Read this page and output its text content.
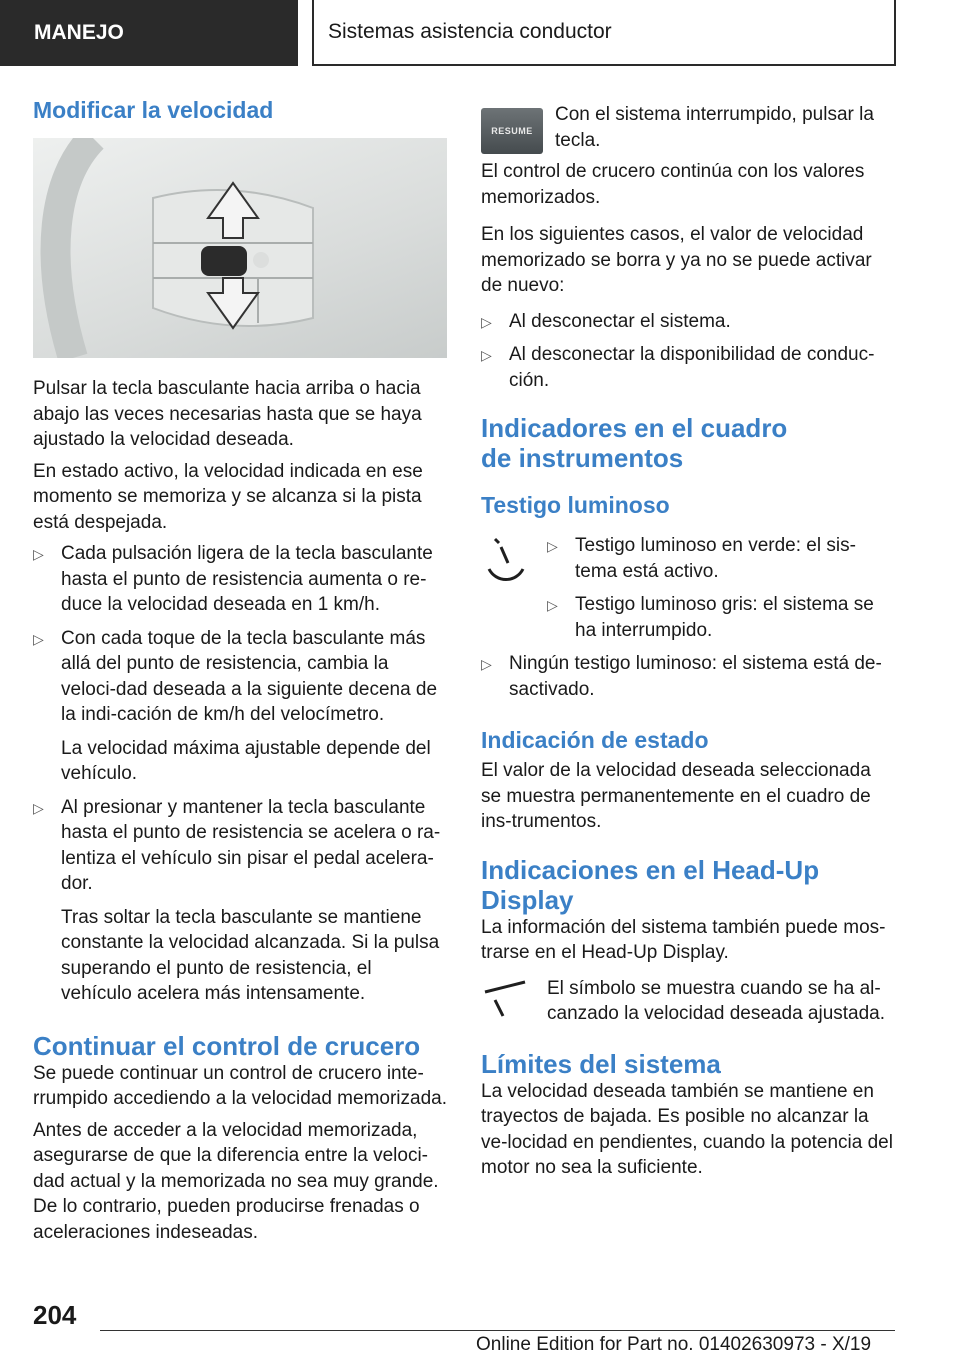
MANEJO	Sistemas asistencia conductor
Modificar la velocidad

Pulsar la tecla basculante hacia arriba o hacia abajo las veces necesarias hasta que se haya ajustado la velocidad deseada.

En estado activo, la velocidad indicada en ese momento se memoriza y se alcanza si la pista está despejada.

▷ Cada pulsación ligera de la tecla basculante hasta el punto de resistencia aumenta o re‐duce la velocidad deseada en 1 km/h.
▷ Con cada toque de la tecla basculante más allá del punto de resistencia, cambia la veloci‐dad deseada a la siguiente decena de la indi‐cación de km/h del velocímetro.
La velocidad máxima ajustable depende del vehículo.
▷ Al presionar y mantener la tecla basculante hasta el punto de resistencia se acelera o ra‐lentiza el vehículo sin pisar el pedal acelera‐dor.
Tras soltar la tecla basculante se mantiene constante la velocidad alcanzada. Si la pulsa superando el punto de resistencia, el vehículo acelera más intensamente.
Continuar el control de crucero

Se puede continuar un control de crucero inte‐rrumpido accediendo a la velocidad memorizada.

Antes de acceder a la velocidad memorizada, asegurarse de que la diferencia entre la veloci‐dad actual y la memorizada no sea muy grande. De lo contrario, pueden producirse frenadas o aceleraciones indeseadas.

RESUME

Con el sistema interrumpido, pulsar la tecla.

El control de crucero continúa con los valores memorizados.

En los siguientes casos, el valor de velocidad memorizado se borra y ya no se puede activar de nuevo:

▷ Al desconectar el sistema.
▷ Al desconectar la disponibilidad de conduc‐ción.
Indicadores en el cuadro de instrumentos
Testigo luminoso
▷ Testigo luminoso en verde: el sis‐tema está activo.
▷ Testigo luminoso gris: el sistema se ha interrumpido.
▷ Ningún testigo luminoso: el sistema está de‐sactivado.
Indicación de estado

El valor de la velocidad deseada seleccionada se muestra permanentemente en el cuadro de ins‐trumentos.

Indicaciones en el Head-Up Display

La información del sistema también puede mos‐trarse en el Head-Up Display.

El símbolo se muestra cuando se ha al‐canzado la velocidad deseada ajustada.

Límites del sistema

La velocidad deseada también se mantiene en trayectos de bajada. Es posible no alcanzar la ve‐locidad en pendientes, cuando la potencia del motor no sea la suficiente.

204
Online Edition for Part no. 01402630973 - X/19
